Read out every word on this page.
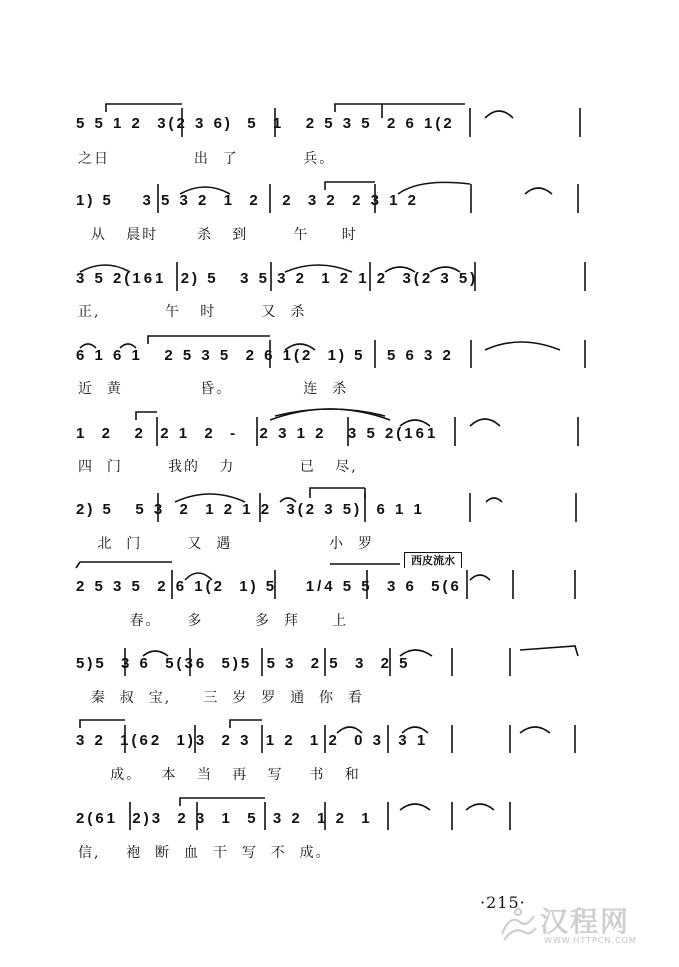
5 5 1 2  3(2 3 6)  5  1   2 5 3 5  2 6 1(2
之日             出  了          兵。
1) 5    3 5 3 2  1  2   2  3 2  2 3 1 2
从   晨时      杀   到       午     时
3 5 2(161  2) 5   3 5 3 2  1 2 1 2  3(2 3 5)
正,          午   时       又  杀
6 1 6 1   2 5 3 5  2 6 1(2  1) 5   5 6 3 2
近  黄            昏。           连  杀
1  2   2  2 1  2  -   2 3 1 2   3 5 2(161
四  门       我的   力          已   尽,
2) 5   5 3  2  1 2 1 2  3(2 3 5)  6 1 1
北  门       又  遇               小  罗
西皮流水
2 5 3 5  2 6 1(2  1) 5    1/4 5 5  3 6  5(6
春。    多        多  拜     上
5)5  3 6  5(36  5)5  5 3  2 5  3  2 5
秦  叔  宝,     三  岁  罗  通  你  看
3 2  1(62  1)3  2 3  1 2  1 2  0 3  3 1
成。   本   当   再   写    书   和
2(61  2)3  2 3  1  5  3 2  1 2  1
信,    袍  断  血  干  写  不  成。
·215·
汉程网
WWW.HTTPCN.COM
